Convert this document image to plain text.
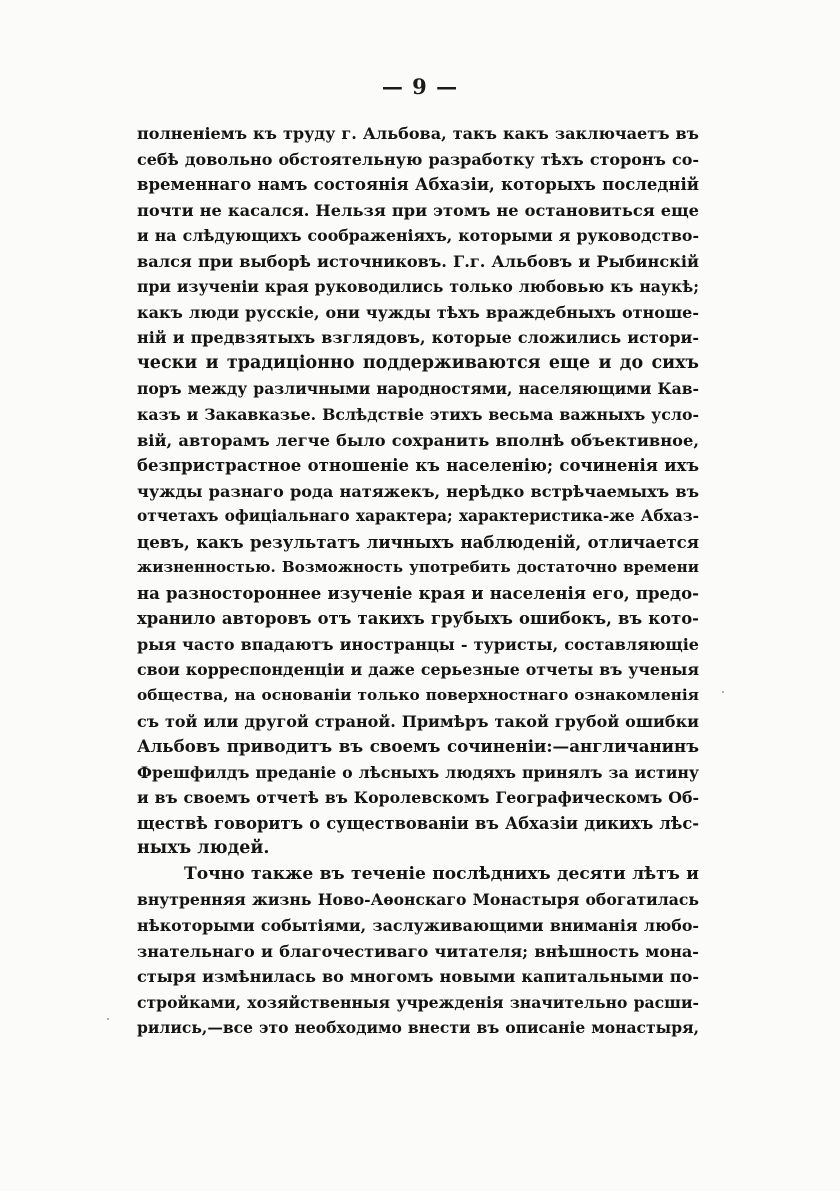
— 9 —
полненіемъ къ труду г. Альбова, такъ какъ заключаетъ въ
себѣ довольно обстоятельную разработку тѣхъ сторонъ со-
временнаго намъ состоянія Абхазіи, которыхъ последній
почти не касался. Нельзя при этомъ не остановиться еще
и на слѣдующихъ соображеніяхъ, которыми я руководство-
вался при выборѣ источниковъ. Г.г. Альбовъ и Рыбинскій
при изученіи края руководились только любовью къ наукѣ;
какъ люди русскіе, они чужды тѣхъ враждебныхъ отноше-
ній и предвзятыхъ взглядовъ, которые сложились истори-
чески и традиціонно поддерживаются еще и до сихъ
поръ между различными народностями, населяющими Кав-
казъ и Закавказье. Вслѣдствіе этихъ весьма важныхъ усло-
вій, авторамъ легче было сохранить вполнѣ объективное,
безпристрастное отношеніе къ населенію; сочиненія ихъ
чужды разнаго рода натяжекъ, нерѣдко встрѣчаемыхъ въ
отчетахъ офиціальнаго характера; характеристика-же Абхаз-
цевъ, какъ результатъ личныхъ наблюденій, отличается
жизненностью. Возможность употребить достаточно времени
на разностороннее изученіе края и населенія его, предо-
хранило авторовъ отъ такихъ грубыхъ ошибокъ, въ кото-
рыя часто впадаютъ иностранцы - туристы, составляющіе
свои корреспонденціи и даже серьезные отчеты въ ученыя
общества, на основаніи только поверхностнаго ознакомленія
съ той или другой страной. Примѣръ такой грубой ошибки
Альбовъ приводитъ въ своемъ сочиненіи:—англичанинъ
Фрешфилдъ преданіе о лѣсныхъ людяхъ принялъ за истину
и въ своемъ отчетѣ въ Королевскомъ Географическомъ Об-
ществѣ говоритъ о существованіи въ Абхазіи дикихъ лѣс-
ныхъ людей.
Точно также въ теченіе послѣднихъ десяти лѣтъ и
внутренняя жизнь Ново-Аѳонскаго Монастыря обогатилась
нѣкоторыми событіями, заслуживающими вниманія любо-
знательнаго и благочестиваго читателя; внѣшность мона-
стыря измѣнилась во многомъ новыми капитальными по-
стройками, хозяйственныя учрежденія значительно расши-
рились,—все это необходимо внести въ описаніе монастыря,
